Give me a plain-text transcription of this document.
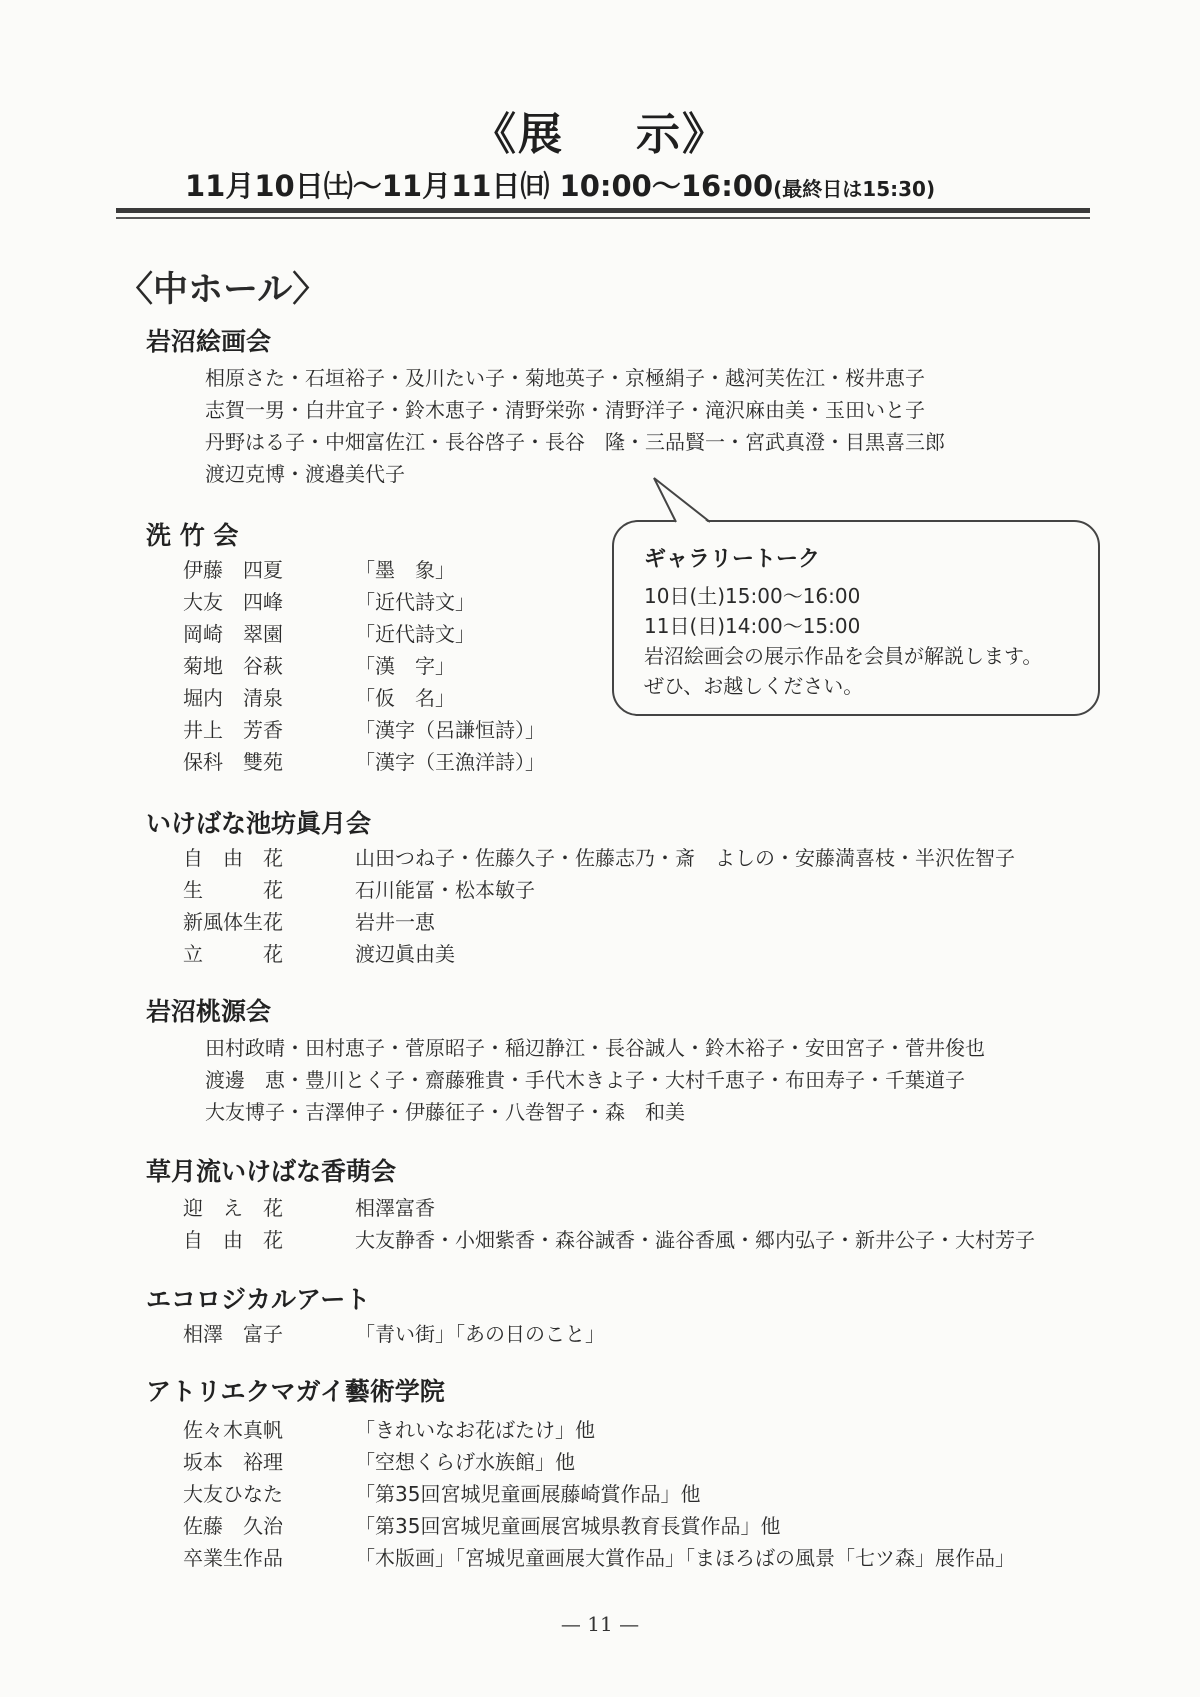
《展 示》
11月10日㈯～11月11日㈰ 10:00～16:00(最終日は15:30)
〈中ホール〉
岩沼絵画会
相原さた・石垣裕子・及川たい子・菊地英子・京極絹子・越河芙佐江・桜井恵子
志賀一男・白井宜子・鈴木恵子・清野栄弥・清野洋子・滝沢麻由美・玉田いと子
丹野はる子・中畑富佐江・長谷啓子・長谷　隆・三品賢一・宮武真澄・目黒喜三郎
渡辺克博・渡邉美代子
洗 竹 会
伊藤　四夏	「墨　象」
大友　四峰	「近代詩文」
岡崎　翠園	「近代詩文」
菊地　谷萩	「漢　字」
堀内　清泉	「仮　名」
井上　芳香	「漢字（呂謙恒詩）」
保科　雙苑	「漢字（王漁洋詩）」
いけばな池坊眞月会
自　由　花	山田つね子・佐藤久子・佐藤志乃・斎　よしの・安藤満喜枝・半沢佐智子
生　　　花	石川能冨・松本敏子
新風体生花	岩井一恵
立　　　花	渡辺眞由美
岩沼桃源会
田村政晴・田村恵子・菅原昭子・稲辺静江・長谷誠人・鈴木裕子・安田宮子・菅井俊也
渡邊　恵・豊川とく子・齋藤雅貴・手代木きよ子・大村千恵子・布田寿子・千葉道子
大友博子・吉澤伸子・伊藤征子・八巻智子・森　和美
草月流いけばな香萌会
迎　え　花	相澤富香
自　由　花	大友静香・小畑紫香・森谷誠香・澁谷香風・郷内弘子・新井公子・大村芳子
エコロジカルアート
相澤　富子	「青い街」「あの日のこと」
アトリエクマガイ藝術学院
佐々木真帆	「きれいなお花ばたけ」他
坂本　裕理	「空想くらげ水族館」他
大友ひなた	「第35回宮城児童画展藤崎賞作品」他
佐藤　久治	「第35回宮城児童画展宮城県教育長賞作品」他
卒業生作品	「木版画」「宮城児童画展大賞作品」「まほろばの風景「七ツ森」展作品」
ギャラリートーク
10日(土)15:00～16:00
11日(日)14:00～15:00
岩沼絵画会の展示作品を会員が解説します。
ぜひ、お越しください。
— 11 —
